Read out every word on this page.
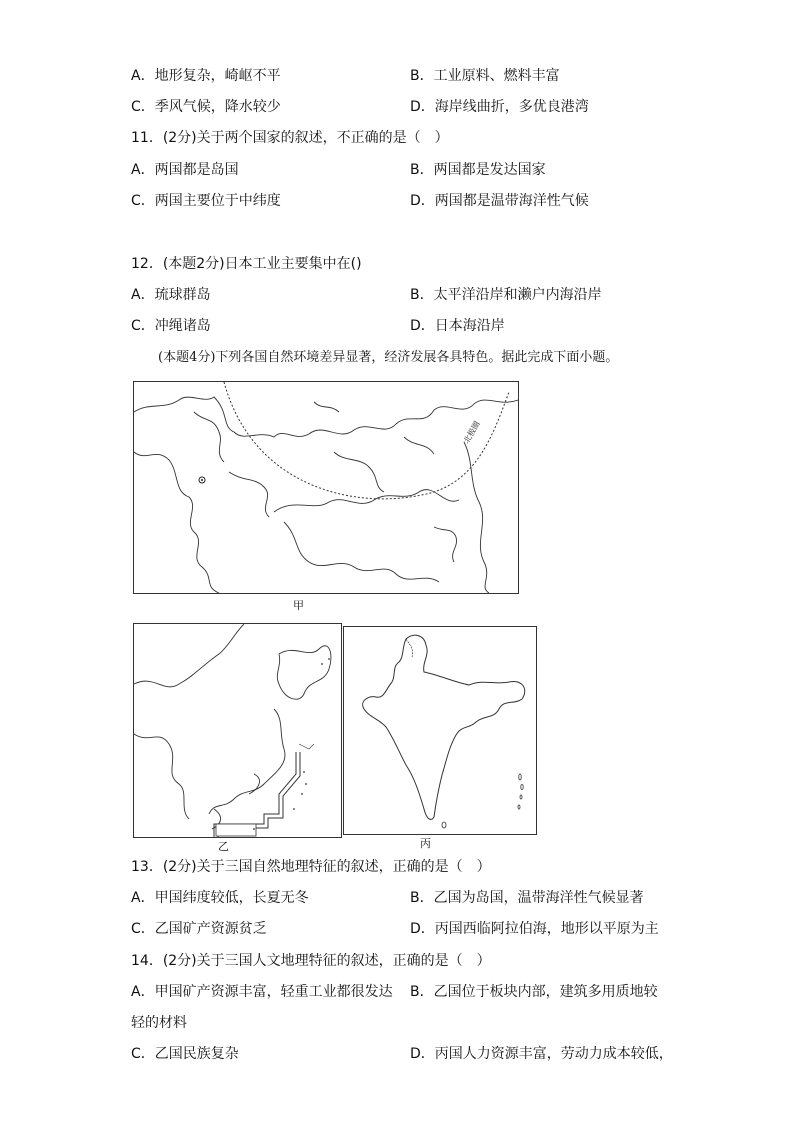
A．地形复杂，崎岖不平	B．工业原料、燃料丰富
C．季风气候，降水较少	D．海岸线曲折，多优良港湾
11．(2分)关于两个国家的叙述，不正确的是（　）
A．两国都是岛国	B．两国都是发达国家
C．两国主要位于中纬度	D．两国都是温带海洋性气候
12．(本题2分)日本工业主要集中在()
A．琉球群岛	B．太平洋沿岸和濑户内海沿岸
C．冲绳诸岛	D．日本海沿岸
(本题4分)下列各国自然环境差异显著，经济发展各具特色。据此完成下面小题。
北极圈
甲
乙	丙
13．(2分)关于三国自然地理特征的叙述，正确的是（　）
A．甲国纬度较低，长夏无冬	B．乙国为岛国，温带海洋性气候显著
C．乙国矿产资源贫乏	D．丙国西临阿拉伯海，地形以平原为主
14．(2分)关于三国人文地理特征的叙述，正确的是（　）
A．甲国矿产资源丰富，轻重工业都很发达 B．乙国位于板块内部，建筑多用质地较
轻的材料
C．乙国民族复杂	D．丙国人力资源丰富，劳动力成本较低，
